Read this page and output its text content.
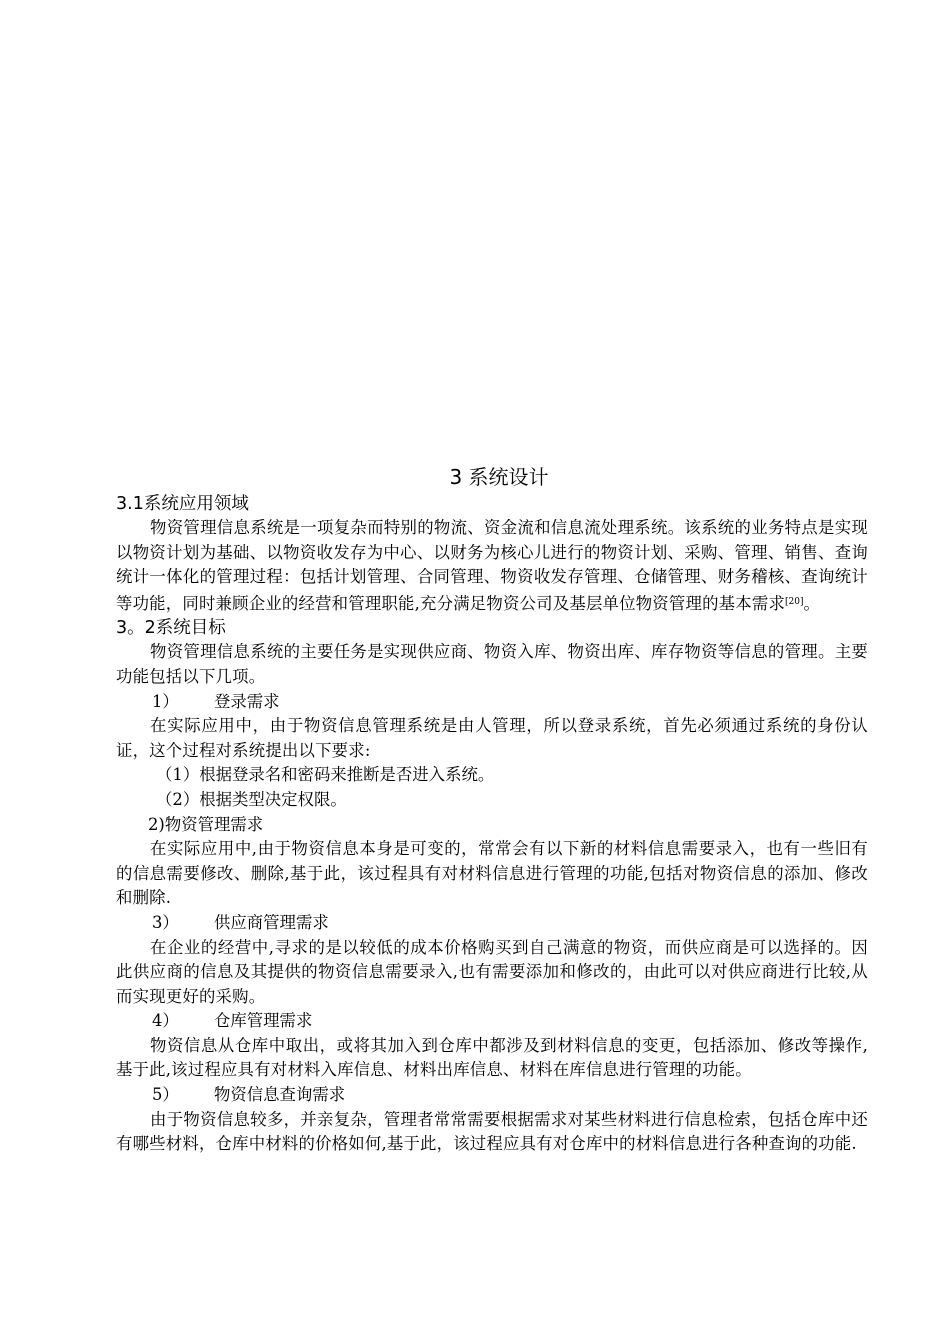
3 系统设计
3.1系统应用领域

物资管理信息系统是一项复杂而特别的物流、资金流和信息流处理系统。该系统的业务特点是实现以物资计划为基础、以物资收发存为中心、以财务为核心儿进行的物资计划、采购、管理、销售、查询统计一体化的管理过程：包括计划管理、合同管理、物资收发存管理、仓储管理、财务稽核、查询统计等功能，同时兼顾企业的经营和管理职能,充分满足物资公司及基层单位物资管理的基本需求[20]。

3。2系统目标

物资管理信息系统的主要任务是实现供应商、物资入库、物资出库、库存物资等信息的管理。主要功能包括以下几项。

1） 登录需求

在实际应用中，由于物资信息管理系统是由人管理，所以登录系统，首先必须通过系统的身份认证，这个过程对系统提出以下要求:

（1）根据登录名和密码来推断是否进入系统。
（2）根据类型决定权限。
2)物资管理需求

在实际应用中,由于物资信息本身是可变的，常常会有以下新的材料信息需要录入，也有一些旧有的信息需要修改、删除,基于此，该过程具有对材料信息进行管理的功能,包括对物资信息的添加、修改和删除.

3） 供应商管理需求

在企业的经营中,寻求的是以较低的成本价格购买到自己满意的物资，而供应商是可以选择的。因此供应商的信息及其提供的物资信息需要录入,也有需要添加和修改的，由此可以对供应商进行比较,从而实现更好的采购。

4） 仓库管理需求

物资信息从仓库中取出，或将其加入到仓库中都涉及到材料信息的变更，包括添加、修改等操作,基于此,该过程应具有对材料入库信息、材料出库信息、材料在库信息进行管理的功能。

5） 物资信息查询需求

由于物资信息较多，并亲复杂，管理者常常需要根据需求对某些材料进行信息检索，包括仓库中还有哪些材料，仓库中材料的价格如何,基于此，该过程应具有对仓库中的材料信息进行各种查询的功能.
